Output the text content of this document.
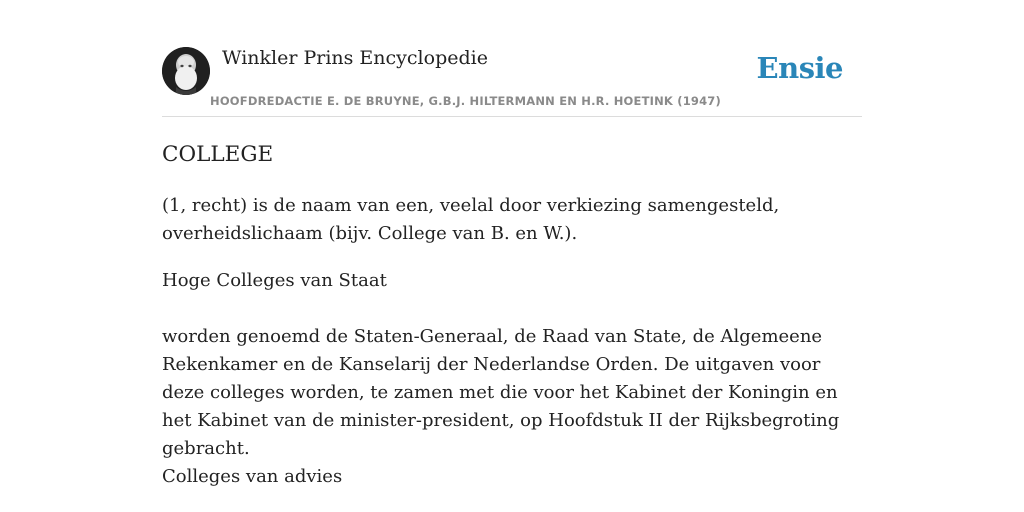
Winkler Prins Encyclopedie
HOOFDREDACTIE E. DE BRUYNE, G.B.J. HILTERMANN EN H.R. HOETINK (1947)
Ensie
COLLEGE

(1, recht) is de naam van een, veelal door verkiezing samengesteld, overheidslichaam (bijv. College van B. en W.).

Hoge Colleges van Staat

worden genoemd de Staten-Generaal, de Raad van State, de Algemeene Rekenkamer en de Kanselarij der Nederlandse Orden. De uitgaven voor deze colleges worden, te zamen met die voor het Kabinet der Koningin en het Kabinet van de minister-president, op Hoofdstuk II der Rijksbegroting gebracht.

Colleges van advies
